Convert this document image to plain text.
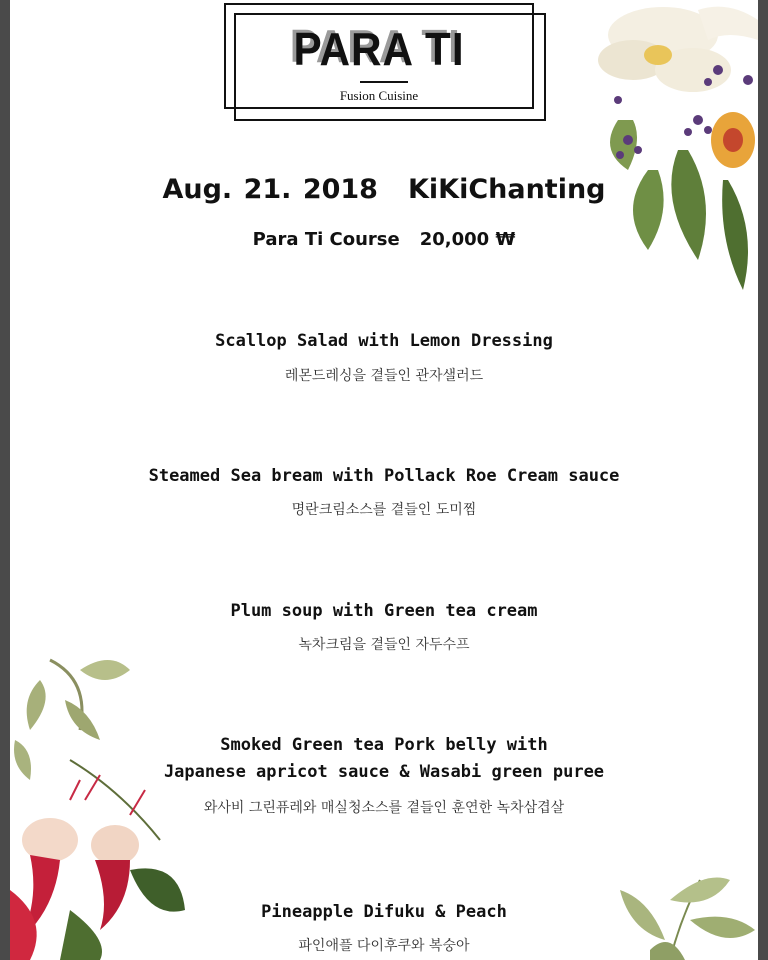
PARA TI
Fusion Cuisine
Aug. 21. 2018 KiKiChanting
Para Ti Course 20,000 ₩
Scallop Salad with Lemon Dressing
레몬드레싱을 곁들인 관자샐러드
Steamed Sea bream with Pollack Roe Cream sauce
명란크림소스를 곁들인 도미찜
Plum soup with Green tea cream
녹차크림을 곁들인 자두수프
Smoked Green tea Pork belly with
Japanese apricot sauce & Wasabi green puree
와사비 그린퓨레와 매실청소스를 곁들인 훈연한 녹차삼겹살
Pineapple Difuku & Peach
파인애플 다이후쿠와 복숭아
